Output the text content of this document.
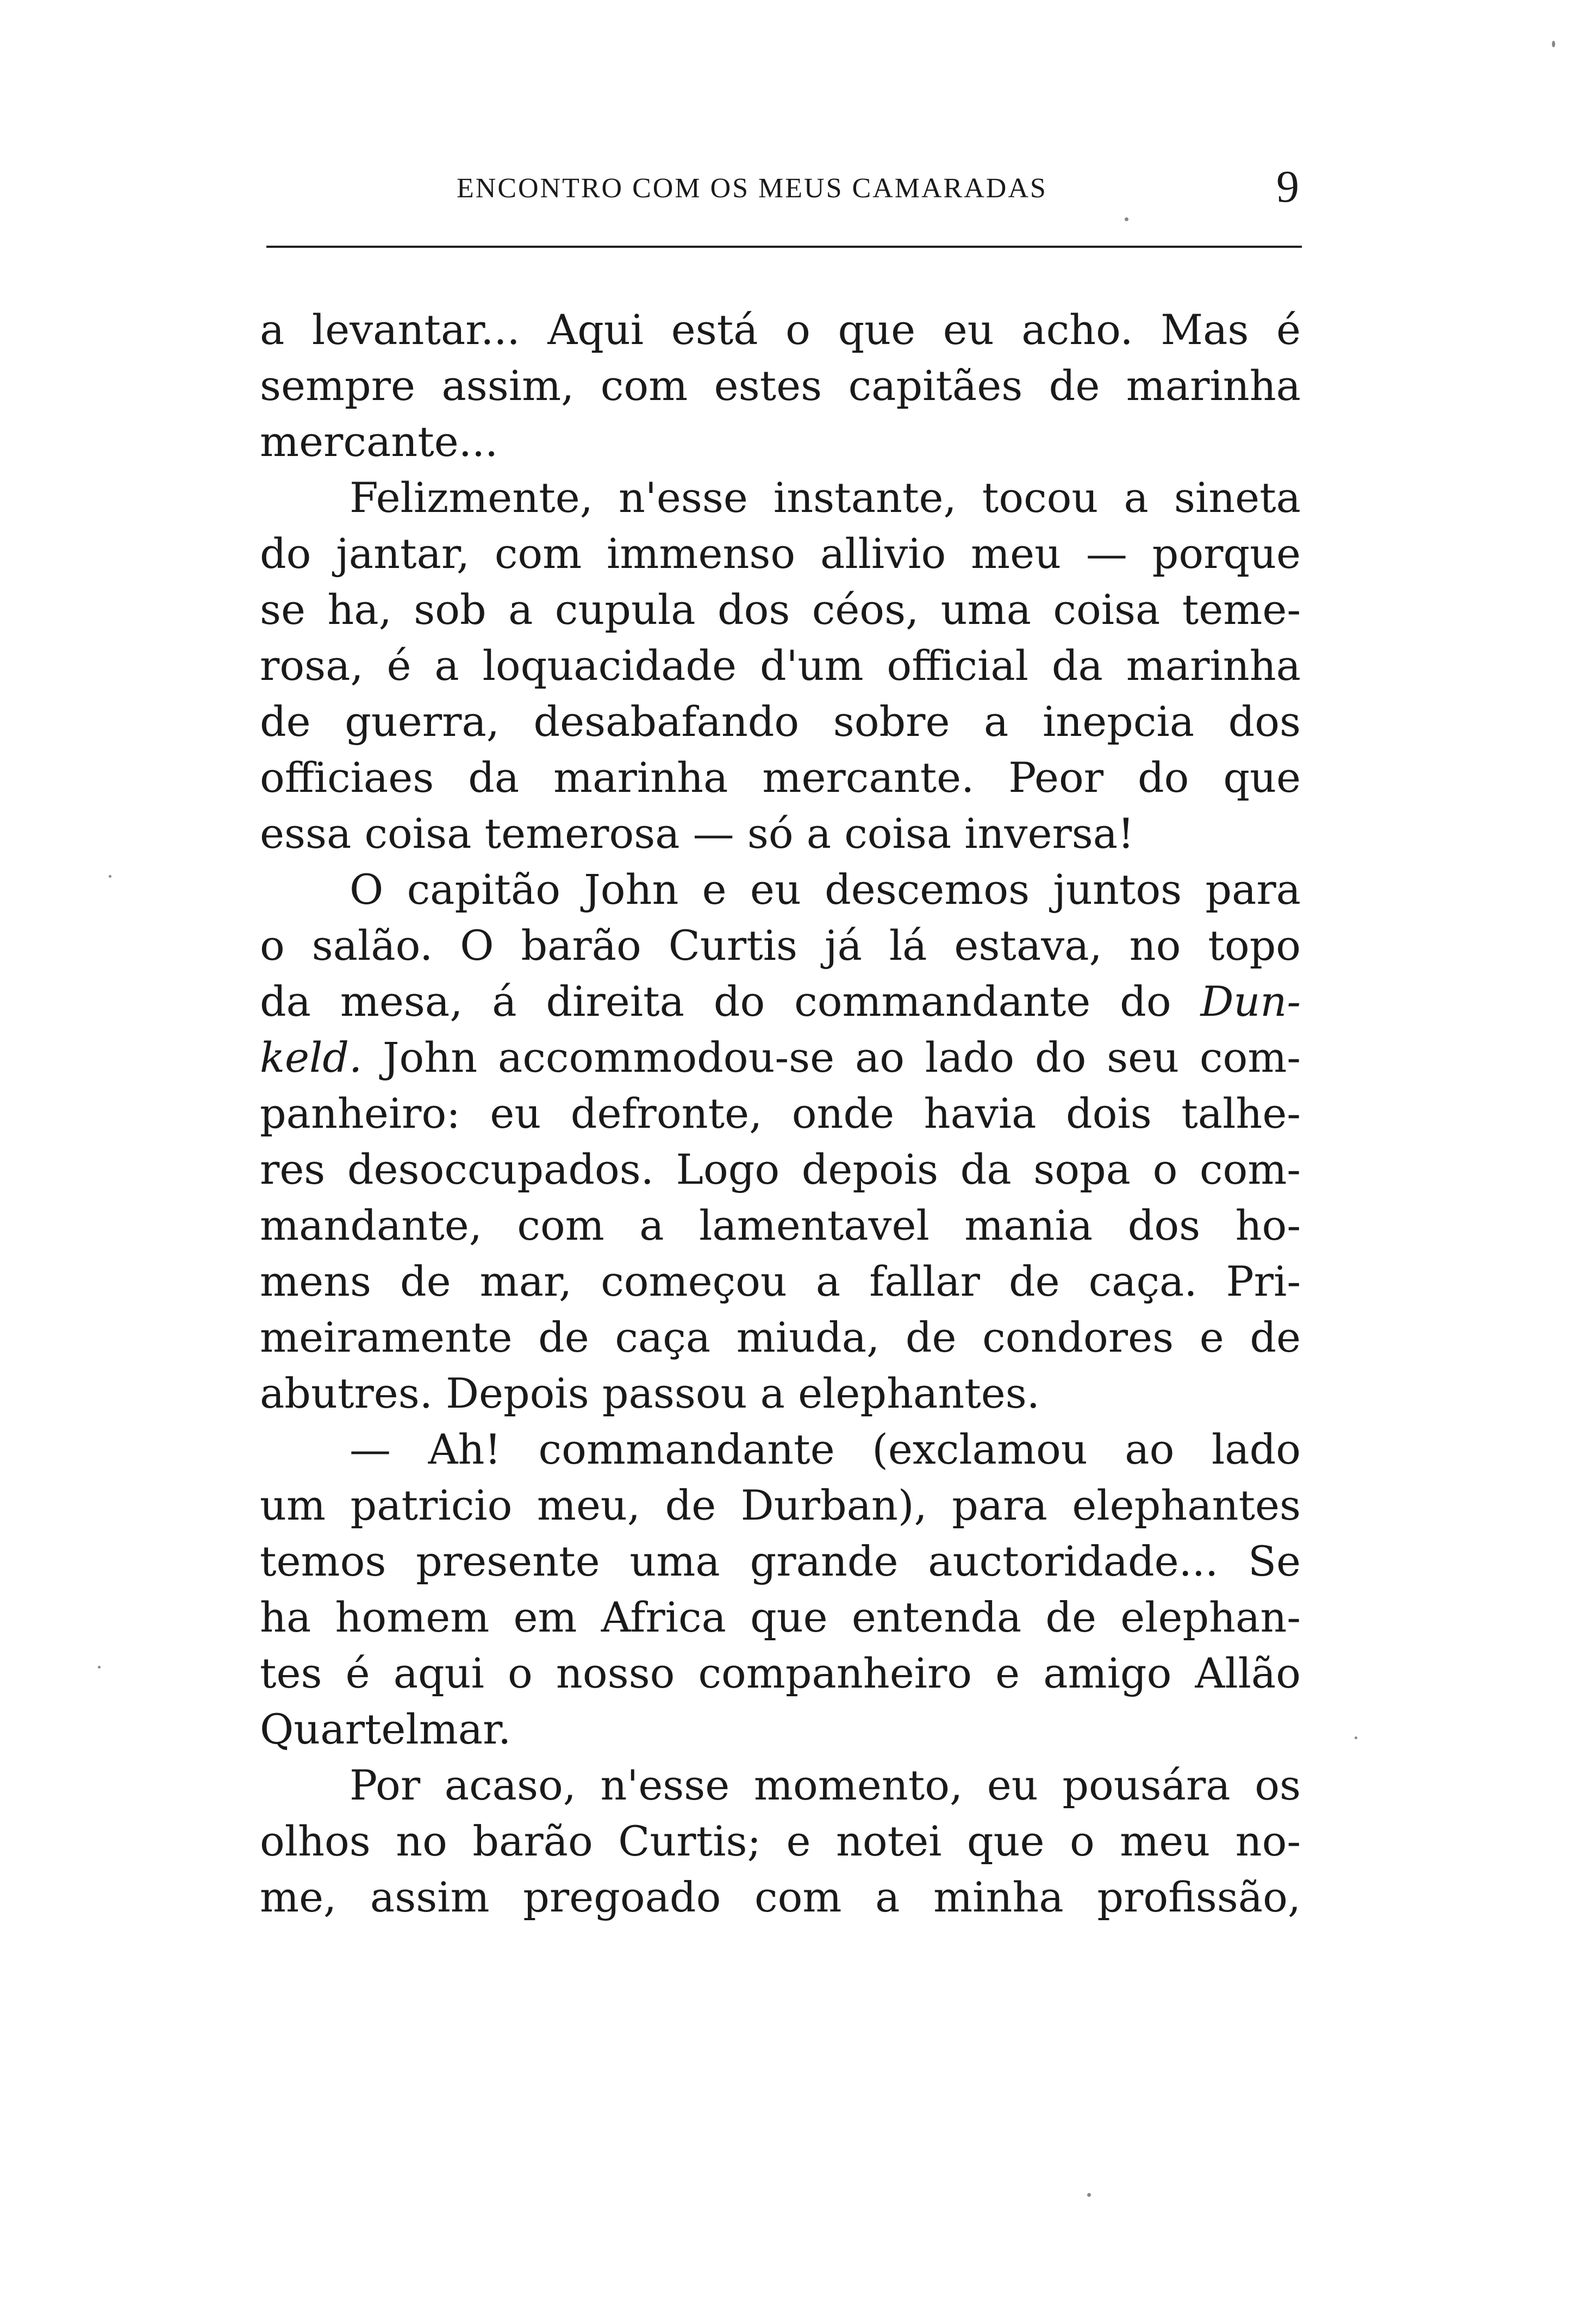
ENCONTRO COM OS MEUS CAMARADAS	9
a levantar... Aqui está o que eu acho. Mas é
sempre assim, com estes capitães de marinha
mercante...
Felizmente, n'esse instante, tocou a sineta
do jantar, com immenso allivio meu — porque
se ha, sob a cupula dos céos, uma coisa teme-
rosa, é a loquacidade d'um official da marinha
de guerra, desabafando sobre a inepcia dos
officiaes da marinha mercante. Peor do que
essa coisa temerosa — só a coisa inversa!
O capitão John e eu descemos juntos para
o salão. O barão Curtis já lá estava, no topo
da mesa, á direita do commandante do Dun-
keld. John accommodou-se ao lado do seu com-
panheiro: eu defronte, onde havia dois talhe-
res desoccupados. Logo depois da sopa o com-
mandante, com a lamentavel mania dos ho-
mens de mar, começou a fallar de caça. Pri-
meiramente de caça miuda, de condores e de
abutres. Depois passou a elephantes.
— Ah! commandante (exclamou ao lado
um patricio meu, de Durban), para elephantes
temos presente uma grande auctoridade... Se
ha homem em Africa que entenda de elephan-
tes é aqui o nosso companheiro e amigo Allão
Quartelmar.
Por acaso, n'esse momento, eu pousára os
olhos no barão Curtis; e notei que o meu no-
me, assim pregoado com a minha profissão,
